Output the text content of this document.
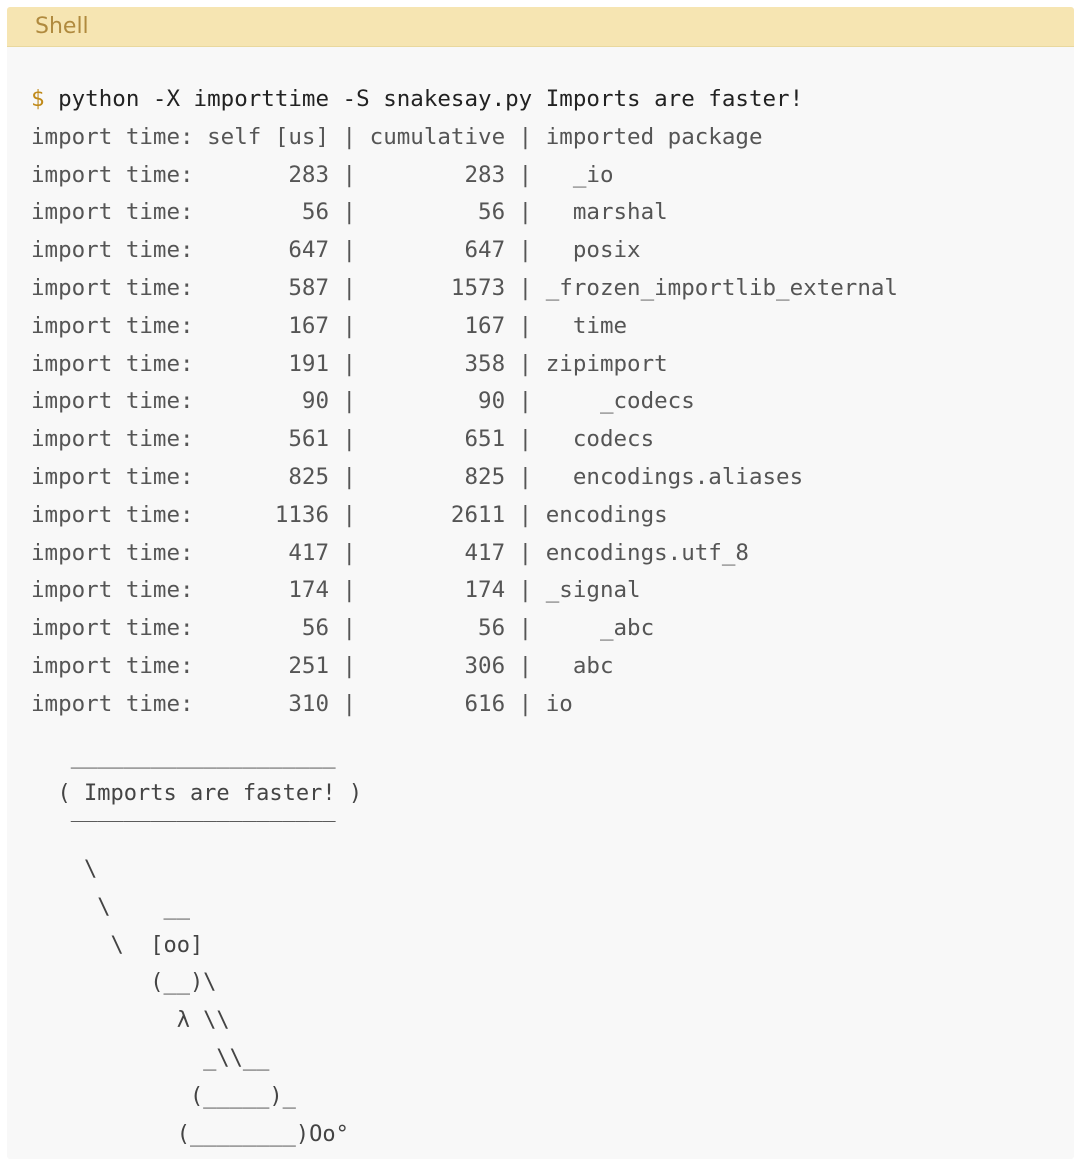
Shell
$ python -X importtime -S snakesay.py Imports are faster!
import time: self [us] | cumulative | imported package
import time:       283 |        283 |   _io
import time:        56 |         56 |   marshal
import time:       647 |        647 |   posix
import time:       587 |       1573 | _frozen_importlib_external
import time:       167 |        167 |   time
import time:       191 |        358 | zipimport
import time:        90 |         90 |     _codecs
import time:       561 |        651 |   codecs
import time:       825 |        825 |   encodings.aliases
import time:      1136 |       2611 | encodings
import time:       417 |        417 | encodings.utf_8
import time:       174 |        174 | _signal
import time:        56 |         56 |     _abc
import time:       251 |        306 |   abc
import time:       310 |        616 | io
____________________
( Imports are faster! )
‾‾‾‾‾‾‾‾‾‾‾‾‾‾‾‾‾‾‾‾
\
\    __
\  [oo]
(__)\
λ \\
_\\__
(_____)_
(________)Oo°
